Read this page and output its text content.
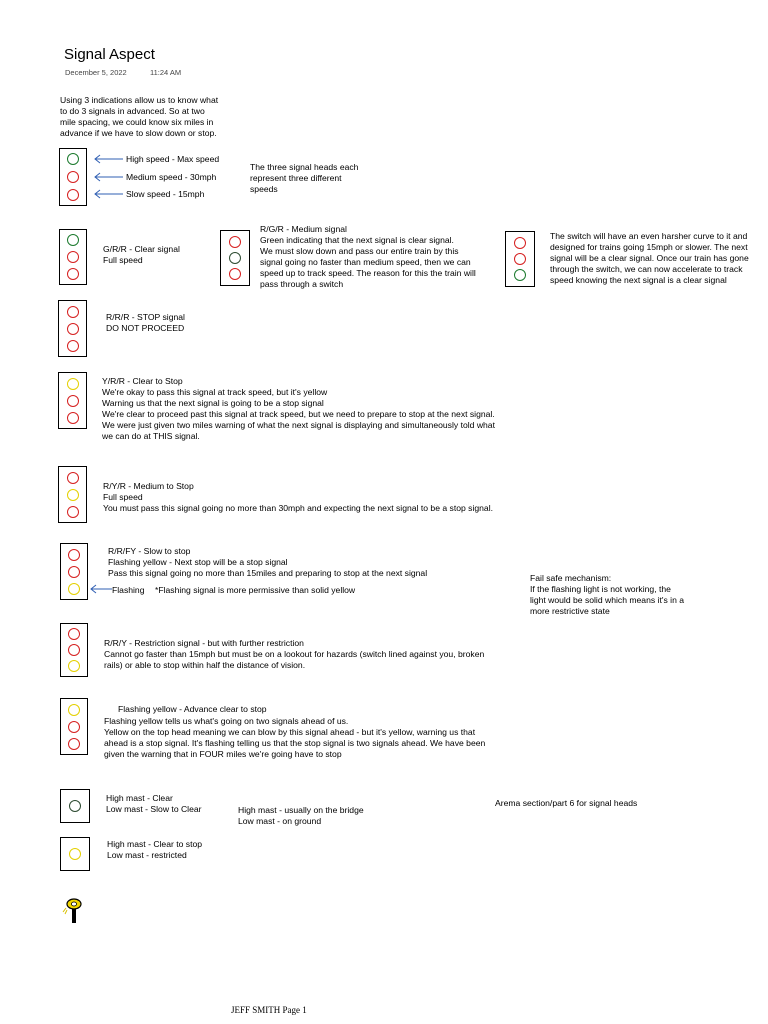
Signal Aspect
December 5, 2022	11:24 AM
Using 3 indications allow us to know what
to do 3 signals in advanced. So at two
mile spacing, we could know six miles in
advance if we have to slow down or stop.
High speed - Max speed
Medium speed - 30mph
Slow speed - 15mph
The three signal heads each
represent three different
speeds
G/R/R - Clear signal
Full speed
R/G/R - Medium signal
Green indicating that the next signal is clear signal.
We must slow down and pass our entire train by this
signal going no faster than medium speed, then we can
speed up to track speed. The reason for this the train will
pass through a switch
The switch will have an even harsher curve to it and
designed for trains going 15mph or slower. The next
signal will be a clear signal. Once our train has gone
through the switch, we can now accelerate to track
speed knowing the next signal is a clear signal
R/R/R - STOP signal
DO NOT PROCEED
Y/R/R - Clear to Stop
We're okay to pass this signal at track speed, but it's yellow
Warning us that the next signal is going to be a stop signal
We're clear to proceed past this signal at track speed, but we need to prepare to stop at the next signal.
We were just given two miles warning of what the next signal is displaying and simultaneously told what
we can do at THIS signal.
R/Y/R - Medium to Stop
Full speed
You must pass this signal going no more than 30mph and expecting the next signal to be a stop signal.
R/R/FY - Slow to stop
Flashing yellow - Next stop will be a stop signal
Pass this signal going no more than 15miles and preparing to stop at the next signal
Flashing *Flashing signal is more permissive than solid yellow
Fail safe mechanism:
If the flashing light is not working, the
light would be solid which means it's in a
more restrictive state
R/R/Y - Restriction signal - but with further restriction
Cannot go faster than 15mph but must be on a lookout for hazards (switch lined against you, broken
rails) or able to stop within half the distance of vision.
Flashing yellow - Advance clear to stop
Flashing yellow tells us what's going on two signals ahead of us.
Yellow on the top head meaning we can blow by this signal ahead - but it's yellow, warning us that
ahead is a stop signal. It's flashing telling us that the stop signal is two signals ahead. We have been
given the warning that in FOUR miles we're going have to stop
High mast - Clear
Low mast - Slow to Clear	High mast - usually on the bridge
Low mast - on ground
Arema section/part 6 for signal heads
High mast - Clear to stop
Low mast - restricted
JEFF SMITH Page 1
